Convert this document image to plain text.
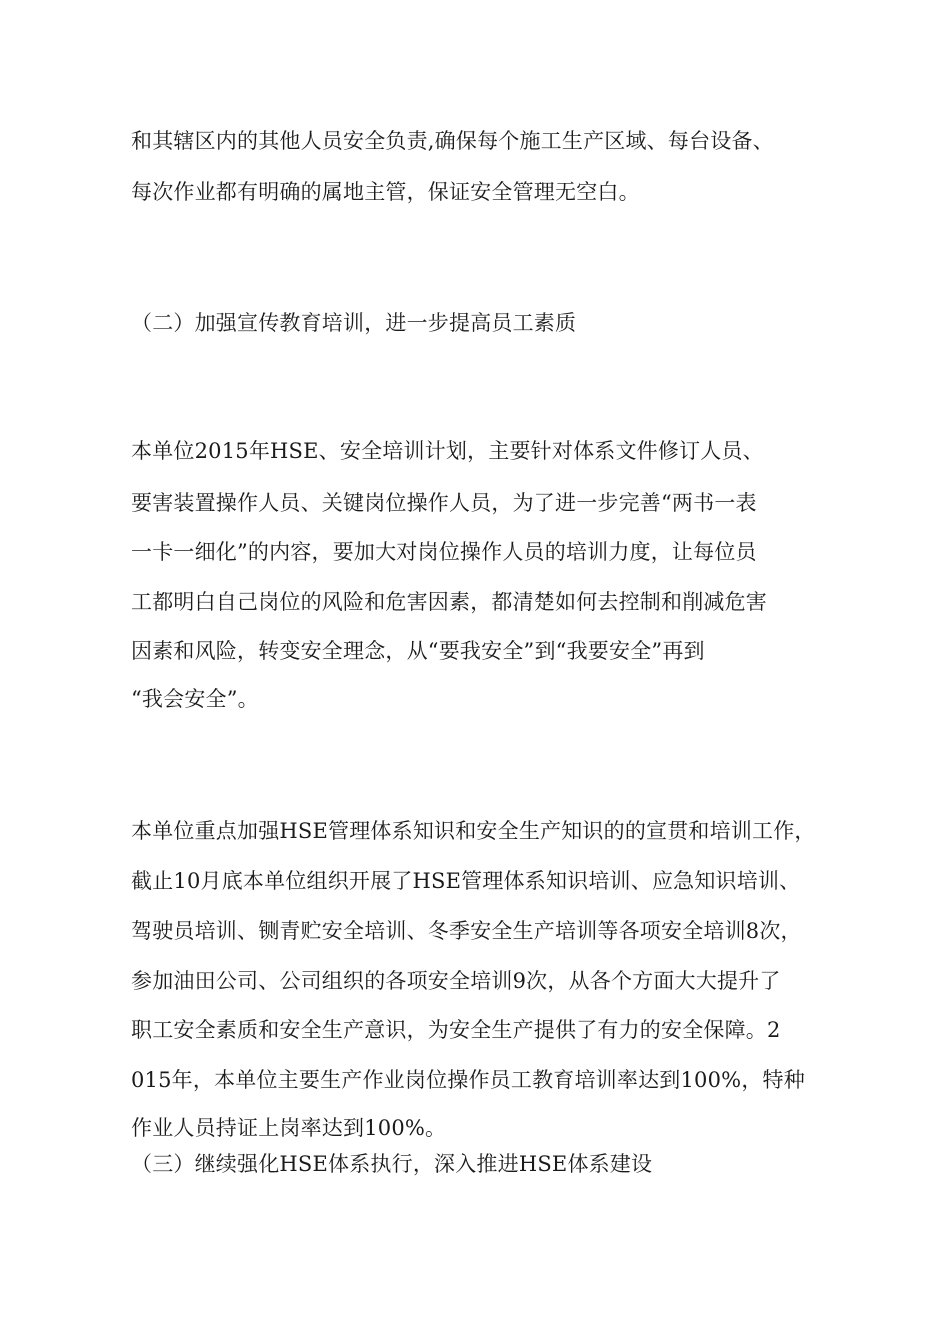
和其辖区内的其他人员安全负责,确保每个施工生产区域、每台设备、
每次作业都有明确的属地主管，保证安全管理无空白。
（二）加强宣传教育培训，进一步提高员工素质
本单位2015年HSE、安全培训计划，主要针对体系文件修订人员、
要害装置操作人员、关键岗位操作人员，为了进一步完善“两书一表
一卡一细化”的内容，要加大对岗位操作人员的培训力度，让每位员
工都明白自己岗位的风险和危害因素，都清楚如何去控制和削减危害
因素和风险，转变安全理念，从“要我安全”到“我要安全”再到
“我会安全”。
本单位重点加强HSE管理体系知识和安全生产知识的的宣贯和培训工作，
截止10月底本单位组织开展了HSE管理体系知识培训、应急知识培训、
驾驶员培训、铡青贮安全培训、冬季安全生产培训等各项安全培训8次，
参加油田公司、公司组织的各项安全培训9次，从各个方面大大提升了
职工安全素质和安全生产意识，为安全生产提供了有力的安全保障。2
015年，本单位主要生产作业岗位操作员工教育培训率达到100%，特种
作业人员持证上岗率达到100%。
（三）继续强化HSE体系执行，深入推进HSE体系建设
